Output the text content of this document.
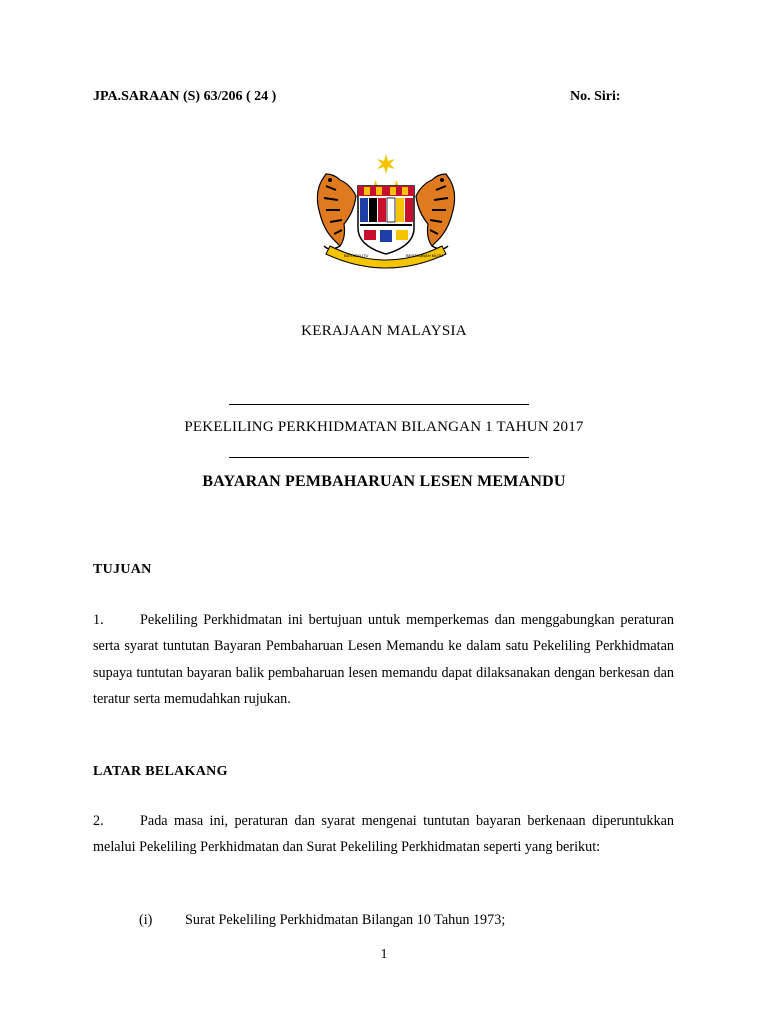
JPA.SARAAN (S) 63/206 ( 24 )	No. Siri:
BERSEKUTU	BERTAMBAH MUTU
KERAJAAN MALAYSIA
PEKELILING PERKHIDMATAN BILANGAN 1 TAHUN 2017
BAYARAN PEMBAHARUAN LESEN MEMANDU
TUJUAN
1.	Pekeliling Perkhidmatan ini bertujuan untuk memperkemas dan menggabungkan peraturan serta syarat tuntutan Bayaran Pembaharuan Lesen Memandu ke dalam satu Pekeliling Perkhidmatan supaya tuntutan bayaran balik pembaharuan lesen memandu dapat dilaksanakan dengan berkesan dan teratur serta memudahkan rujukan.
LATAR BELAKANG
2.	Pada masa ini, peraturan dan syarat mengenai tuntutan bayaran berkenaan diperuntukkan melalui Pekeliling Perkhidmatan dan Surat Pekeliling Perkhidmatan seperti yang berikut:
(i) Surat Pekeliling Perkhidmatan Bilangan 10 Tahun 1973;
1
